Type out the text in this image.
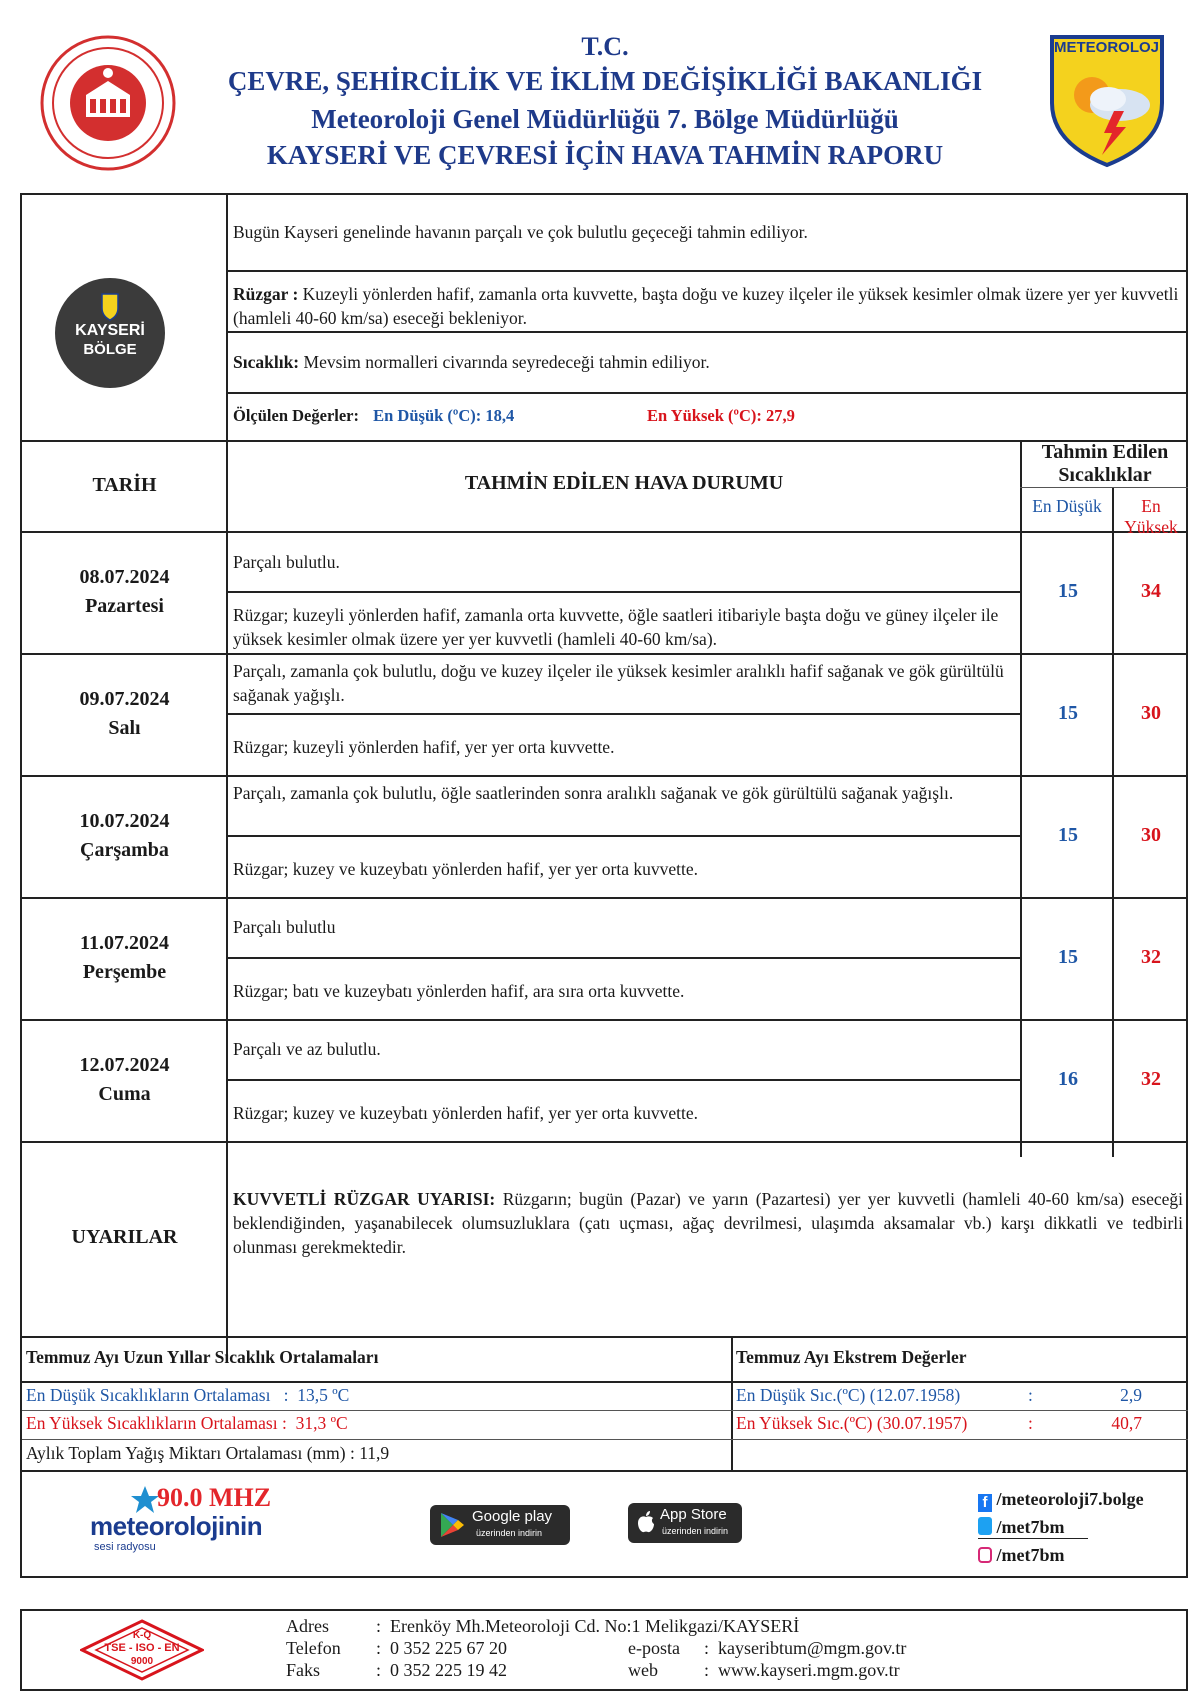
T.C.
ÇEVRE, ŞEHİRCİLİK VE İKLİM DEĞİŞİKLİĞİ BAKANLIĞI
Meteoroloji Genel Müdürlüğü 7. Bölge Müdürlüğü
KAYSERİ VE ÇEVRESİ İÇİN HAVA TAHMİN RAPORU
METEOROLOJİ
KAYSERİ
BÖLGE
Bugün Kayseri genelinde havanın parçalı ve çok bulutlu geçeceği tahmin ediliyor.
Rüzgar : Kuzeyli yönlerden hafif, zamanla orta kuvvette, başta doğu ve kuzey ilçeler ile yüksek kesimler olmak üzere yer yer kuvvetli (hamleli 40-60 km/sa) eseceği bekleniyor.
Sıcaklık: Mevsim normalleri civarında seyredeceği tahmin ediliyor.
Ölçülen Değerler: En Düşük (ºC): 18,4	En Yüksek (ºC): 27,9
TARİH	TAHMİN EDİLEN HAVA DURUMU
Tahmin Edilen Sıcaklıklar
En Düşük	En Yüksek
08.07.2024
Pazartesi
Parçalı bulutlu.
Rüzgar; kuzeyli yönlerden hafif, zamanla orta kuvvette, öğle saatleri itibariyle başta doğu ve güney ilçeler ile yüksek kesimler olmak üzere yer yer kuvvetli (hamleli 40-60 km/sa).
15	34
09.07.2024
Salı
Parçalı, zamanla çok bulutlu, doğu ve kuzey ilçeler ile yüksek kesimler aralıklı hafif sağanak ve gök gürültülü sağanak yağışlı.
Rüzgar; kuzeyli yönlerden hafif, yer yer orta kuvvette.
15	30
10.07.2024
Çarşamba
Parçalı, zamanla çok bulutlu, öğle saatlerinden sonra aralıklı sağanak ve gök gürültülü sağanak yağışlı.
Rüzgar; kuzey ve kuzeybatı yönlerden hafif, yer yer orta kuvvette.
15	30
11.07.2024
Perşembe
Parçalı bulutlu
Rüzgar; batı ve kuzeybatı yönlerden hafif, ara sıra orta kuvvette.
15	32
12.07.2024
Cuma
Parçalı ve az bulutlu.
Rüzgar; kuzey ve kuzeybatı yönlerden hafif, yer yer orta kuvvette.
16	32
UYARILAR
KUVVETLİ RÜZGAR UYARISI: Rüzgarın; bugün (Pazar) ve yarın (Pazartesi) yer yer kuvvetli (hamleli 40-60 km/sa) eseceği beklendiğinden, yaşanabilecek olumsuzluklara (çatı uçması, ağaç devrilmesi, ulaşımda aksamalar vb.) karşı dikkatli ve tedbirli olunması gerekmektedir.
Temmuz Ayı Uzun Yıllar Sıcaklık Ortalamaları
En Düşük Sıcaklıkların Ortalaması   :  13,5 ºC
En Yüksek Sıcaklıkların Ortalaması :  31,3 ºC
Aylık Toplam Yağış Miktarı Ortalaması (mm) : 11,9
Temmuz Ayı Ekstrem Değerler
En Düşük Sıc.(ºC) (12.07.1958)	:	2,9
En Yüksek Sıc.(ºC) (30.07.1957)	:	40,7
90.0 MHZ
meteorolojinin
sesi radyosu
Google play
üzerinden indirin
App Store
üzerinden indirin
f /meteoroloji7.bolge
/met7bm
/met7bm
K-Q
TSE - ISO - EN
9000
Adres	:  Erenköy Mh.Meteoroloji Cd. No:1 Melikgazi/KAYSERİ
Telefon :  0 352 225 67 20
Faks	:  0 352 225 19 42
e-posta :  kayseribtum@mgm.gov.tr
web	:  www.kayseri.mgm.gov.tr
